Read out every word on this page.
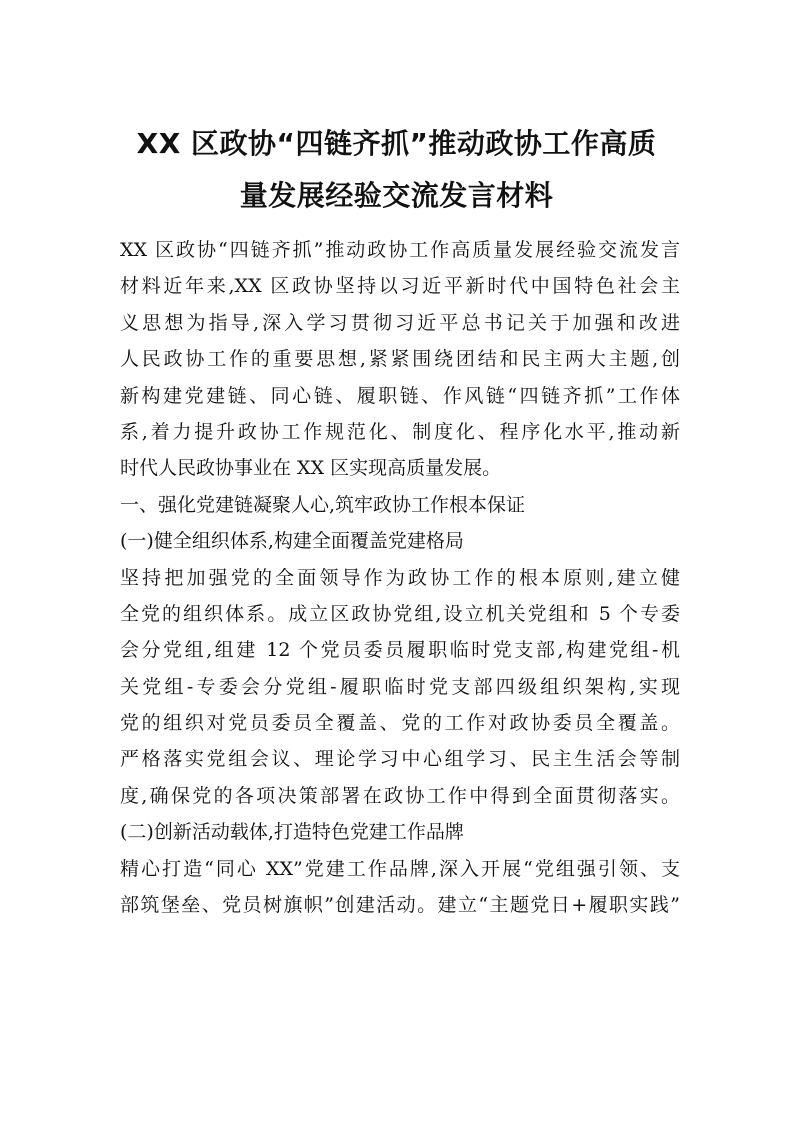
XX 区政协“四链齐抓”推动政协工作高质
量发展经验交流发言材料
XX 区政协“四链齐抓”推动政协工作高质量发展经验交流发言
材料近年来,XX 区政协坚持以习近平新时代中国特色社会主
义思想为指导,深入学习贯彻习近平总书记关于加强和改进
人民政协工作的重要思想,紧紧围绕团结和民主两大主题,创
新构建党建链、同心链、履职链、作风链“四链齐抓”工作体
系,着力提升政协工作规范化、制度化、程序化水平,推动新
时代人民政协事业在 XX 区实现高质量发展。
一、强化党建链凝聚人心,筑牢政协工作根本保证
(一)健全组织体系,构建全面覆盖党建格局
坚持把加强党的全面领导作为政协工作的根本原则,建立健
全党的组织体系。成立区政协党组,设立机关党组和 5 个专委
会分党组,组建 12 个党员委员履职临时党支部,构建党组-机
关党组-专委会分党组-履职临时党支部四级组织架构,实现
党的组织对党员委员全覆盖、党的工作对政协委员全覆盖。
严格落实党组会议、理论学习中心组学习、民主生活会等制
度,确保党的各项决策部署在政协工作中得到全面贯彻落实。
(二)创新活动载体,打造特色党建工作品牌
精心打造“同心 XX”党建工作品牌,深入开展“党组强引领、支
部筑堡垒、党员树旗帜”创建活动。建立“主题党日+履职实践”
